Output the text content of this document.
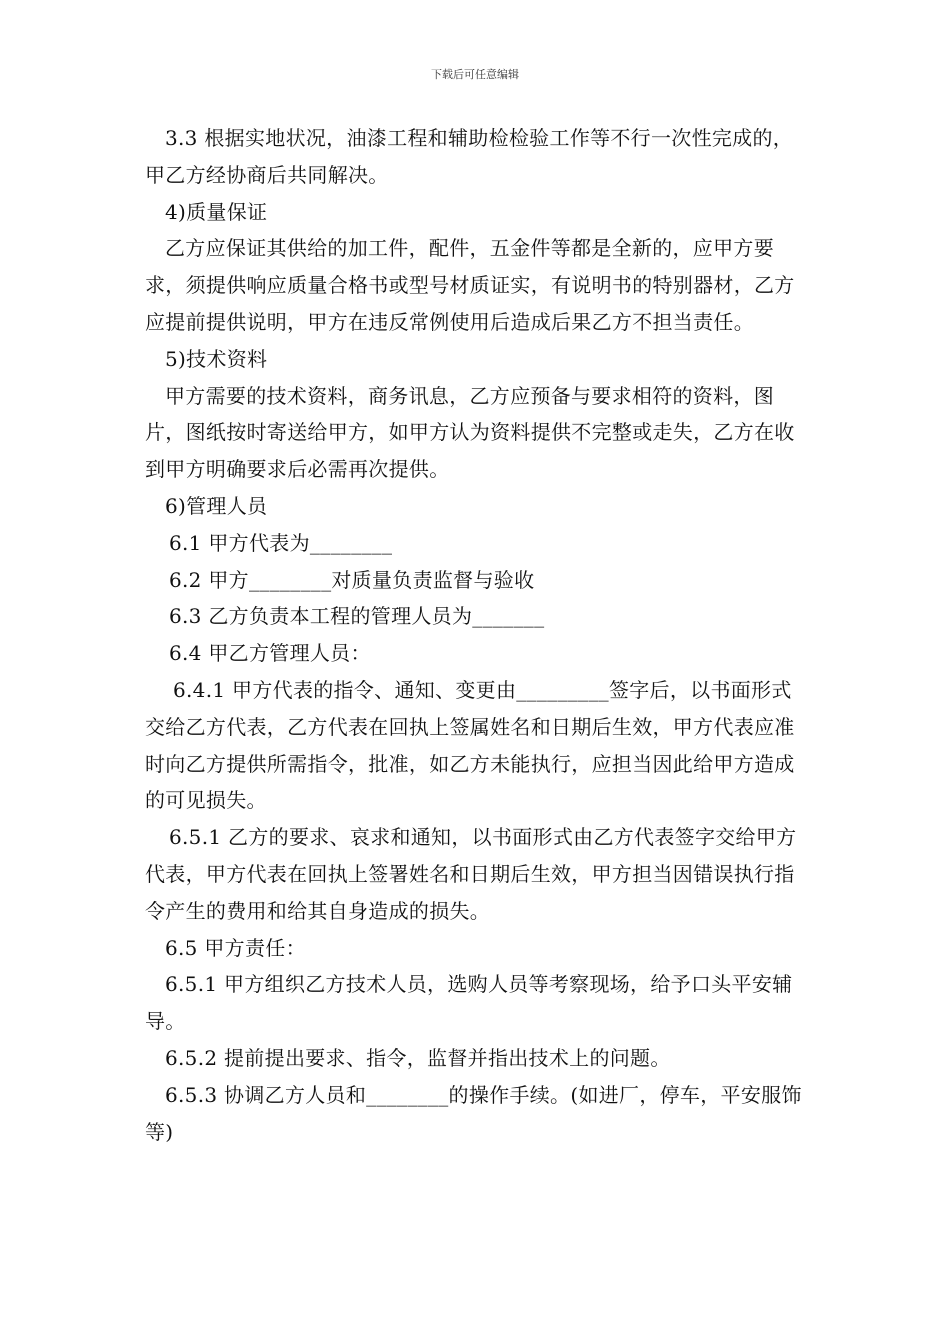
下载后可任意编辑

3.3 根据实地状况，油漆工程和辅助检检验工作等不行一次性完成的，甲乙方经协商后共同解决。

4)质量保证

乙方应保证其供给的加工件，配件，五金件等都是全新的，应甲方要求，须提供响应质量合格书或型号材质证实，有说明书的特别器材，乙方应提前提供说明，甲方在违反常例使用后造成后果乙方不担当责任。

5)技术资料

甲方需要的技术资料，商务讯息，乙方应预备与要求相符的资料，图片，图纸按时寄送给甲方，如甲方认为资料提供不完整或走失，乙方在收到甲方明确要求后必需再次提供。

6)管理人员

6.1 甲方代表为________

6.2 甲方________对质量负责监督与验收

6.3 乙方负责本工程的管理人员为_______

6.4 甲乙方管理人员：

6.4.1 甲方代表的指令、通知、变更由_________签字后，以书面形式交给乙方代表，乙方代表在回执上签属姓名和日期后生效，甲方代表应准时向乙方提供所需指令，批准，如乙方未能执行，应担当因此给甲方造成的可见损失。

6.5.1 乙方的要求、哀求和通知，以书面形式由乙方代表签字交给甲方代表，甲方代表在回执上签署姓名和日期后生效，甲方担当因错误执行指令产生的费用和给其自身造成的损失。

6.5 甲方责任：

6.5.1 甲方组织乙方技术人员，选购人员等考察现场，给予口头平安辅导。

6.5.2 提前提出要求、指令，监督并指出技术上的问题。

6.5.3 协调乙方人员和________的操作手续。(如进厂，停车，平安服饰等)
